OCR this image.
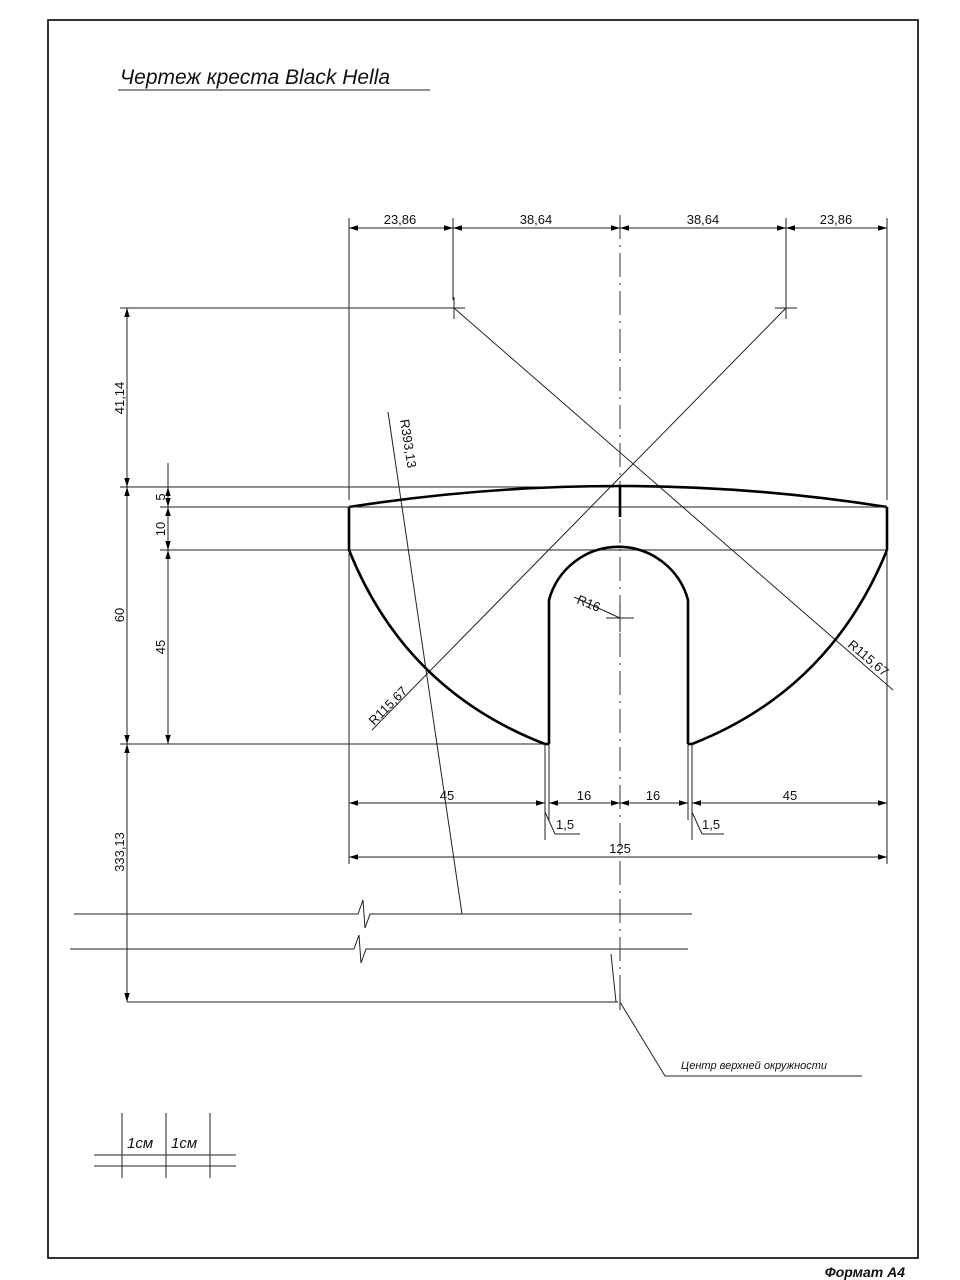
Чертеж креста Black Hella
23,86	38,64	38,64	23,86
41,14
5
10
60
45
333,13
R16
R393,13
R115,67
R115,67
45	16	16	45
1,5	1,5
125
Центр верхней окружности
1см 1см
Формат А4
